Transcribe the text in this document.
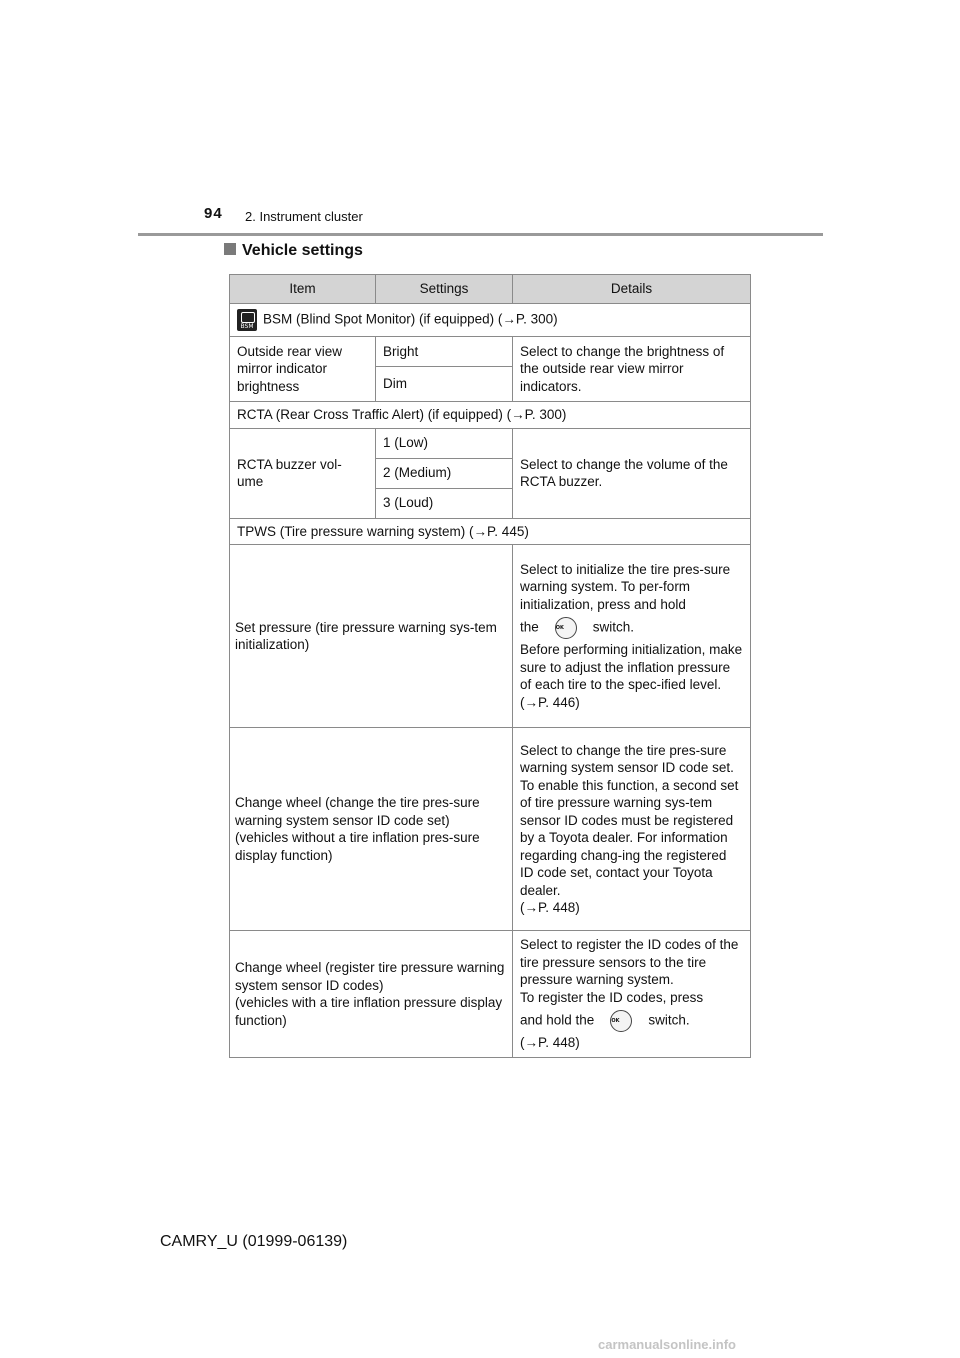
94 2. Instrument cluster
Vehicle settings
Item	Settings	Details

BSM BSM (Blind Spot Monitor) (if equipped) (→P. 300)		
Outside rear view mirror indicator brightness	Bright	Select to change the brightness of the outside rear view mirror indicators.
	Dim	
RCTA (Rear Cross Traffic Alert) (if equipped) (→P. 300)		
RCTA buzzer vol-ume	1 (Low)	Select to change the volume of the RCTA buzzer.
	2 (Medium)	
	3 (Loud)	
TPWS (Tire pressure warning system) (→P. 445)		
Set pressure (tire pressure warning sys-tem initialization)		Select to initialize the tire pres-sure warning system. To per-form initialization, press and hold
the OK switch.
Before performing initialization, make sure to adjust the inflation pressure of each tire to the spec-ified level. (→P. 446)

Change wheel (change the tire pres-sure warning system sensor ID code set)
(vehicles without a tire inflation pres-sure display function)		Select to change the tire pres-sure warning system sensor ID code set.
To enable this function, a second set of tire pressure warning sys-tem sensor ID codes must be registered by a Toyota dealer. For information regarding chang-ing the registered ID code set, contact your Toyota dealer.
(→P. 448)

Change wheel (register tire pressure warning system sensor ID codes)
(vehicles with a tire inflation pressure display function)		Select to register the ID codes of the tire pressure sensors to the tire pressure warning system.
To register the ID codes, press
and hold the OK switch.
(→P. 448)
CAMRY_U (01999-06139)
carmanualsonline.info
